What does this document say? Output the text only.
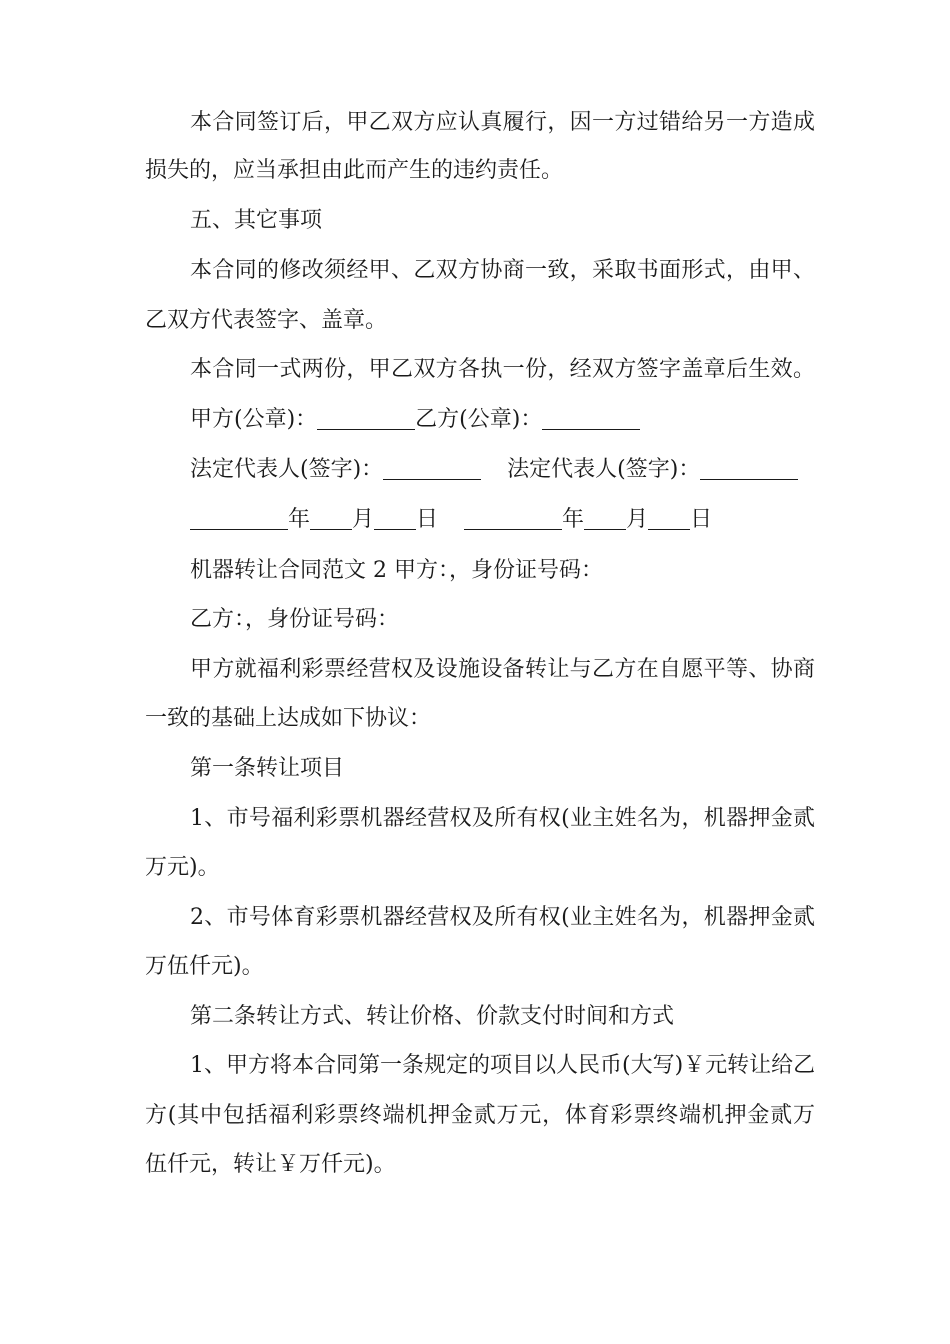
本合同签订后，甲乙双方应认真履行，因一方过错给另一方造成
损失的，应当承担由此而产生的违约责任。
五、其它事项
本合同的修改须经甲、乙双方协商一致，采取书面形式，由甲、
乙双方代表签字、盖章。
本合同一式两份，甲乙双方各执一份，经双方签字盖章后生效。
甲方(公章)：	乙方(公章)：
法定代表人(签字)：	法定代表人(签字)：
年 月 日	年 月 日
机器转让合同范文 2 甲方：，身份证号码：
乙方：，身份证号码：
甲方就福利彩票经营权及设施设备转让与乙方在自愿平等、协商
一致的基础上达成如下协议：
第一条转让项目
1、市号福利彩票机器经营权及所有权(业主姓名为，机器押金贰
万元)。
2、市号体育彩票机器经营权及所有权(业主姓名为，机器押金贰
万伍仟元)。
第二条转让方式、转让价格、价款支付时间和方式
1、甲方将本合同第一条规定的项目以人民币(大写)￥元转让给乙
方(其中包括福利彩票终端机押金贰万元，体育彩票终端机押金贰万
伍仟元，转让￥万仟元)。
